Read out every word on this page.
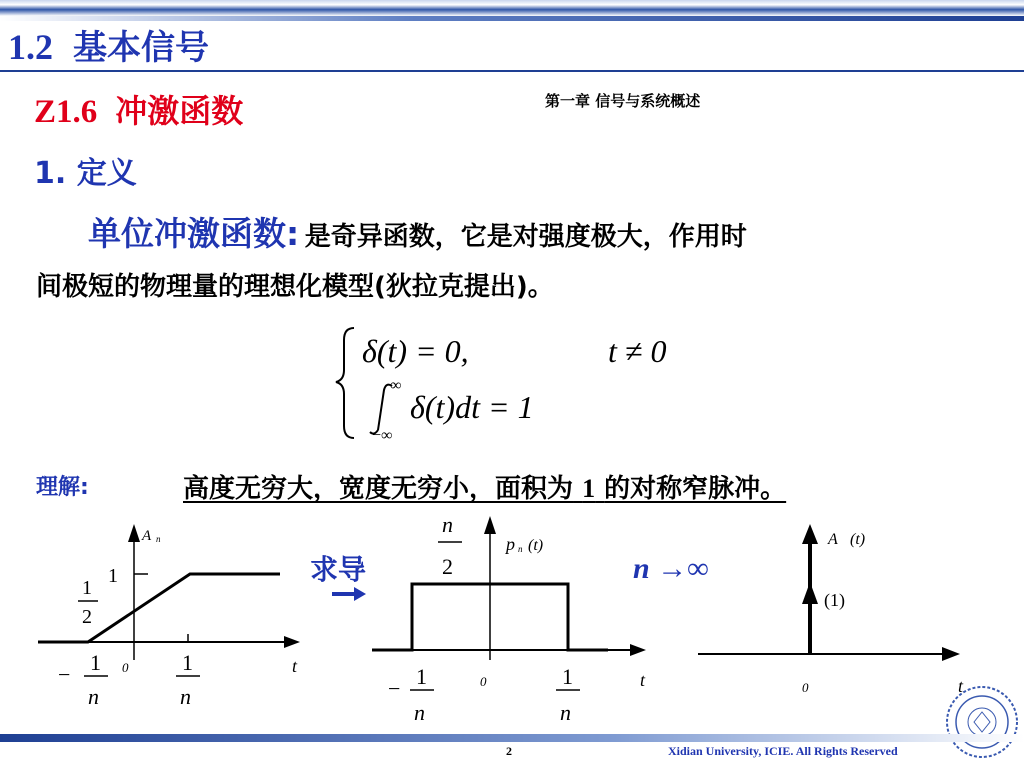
1.2 基本信号
Z1.6 冲激函数	第一章 信号与系统概述
1. 定义
单位冲激函数: 是奇异函数，它是对强度极大，作用时
间极短的物理量的理想化模型(狄拉克提出)。
δ(t) = 0,	t ≠ 0
∞
−∞
δ(t)dt = 1
理解:	高度无穷大，宽度无穷小，面积为 1 的对称窄脉冲。
A n
1
1
2
− 1
n
0 1
n
t
求导
p n (t)
n
2
− 1
n
0	1
n
t
n →∞
A (t)
(1)
0	t
2	Xidian University, ICIE. All Rights Reserved
